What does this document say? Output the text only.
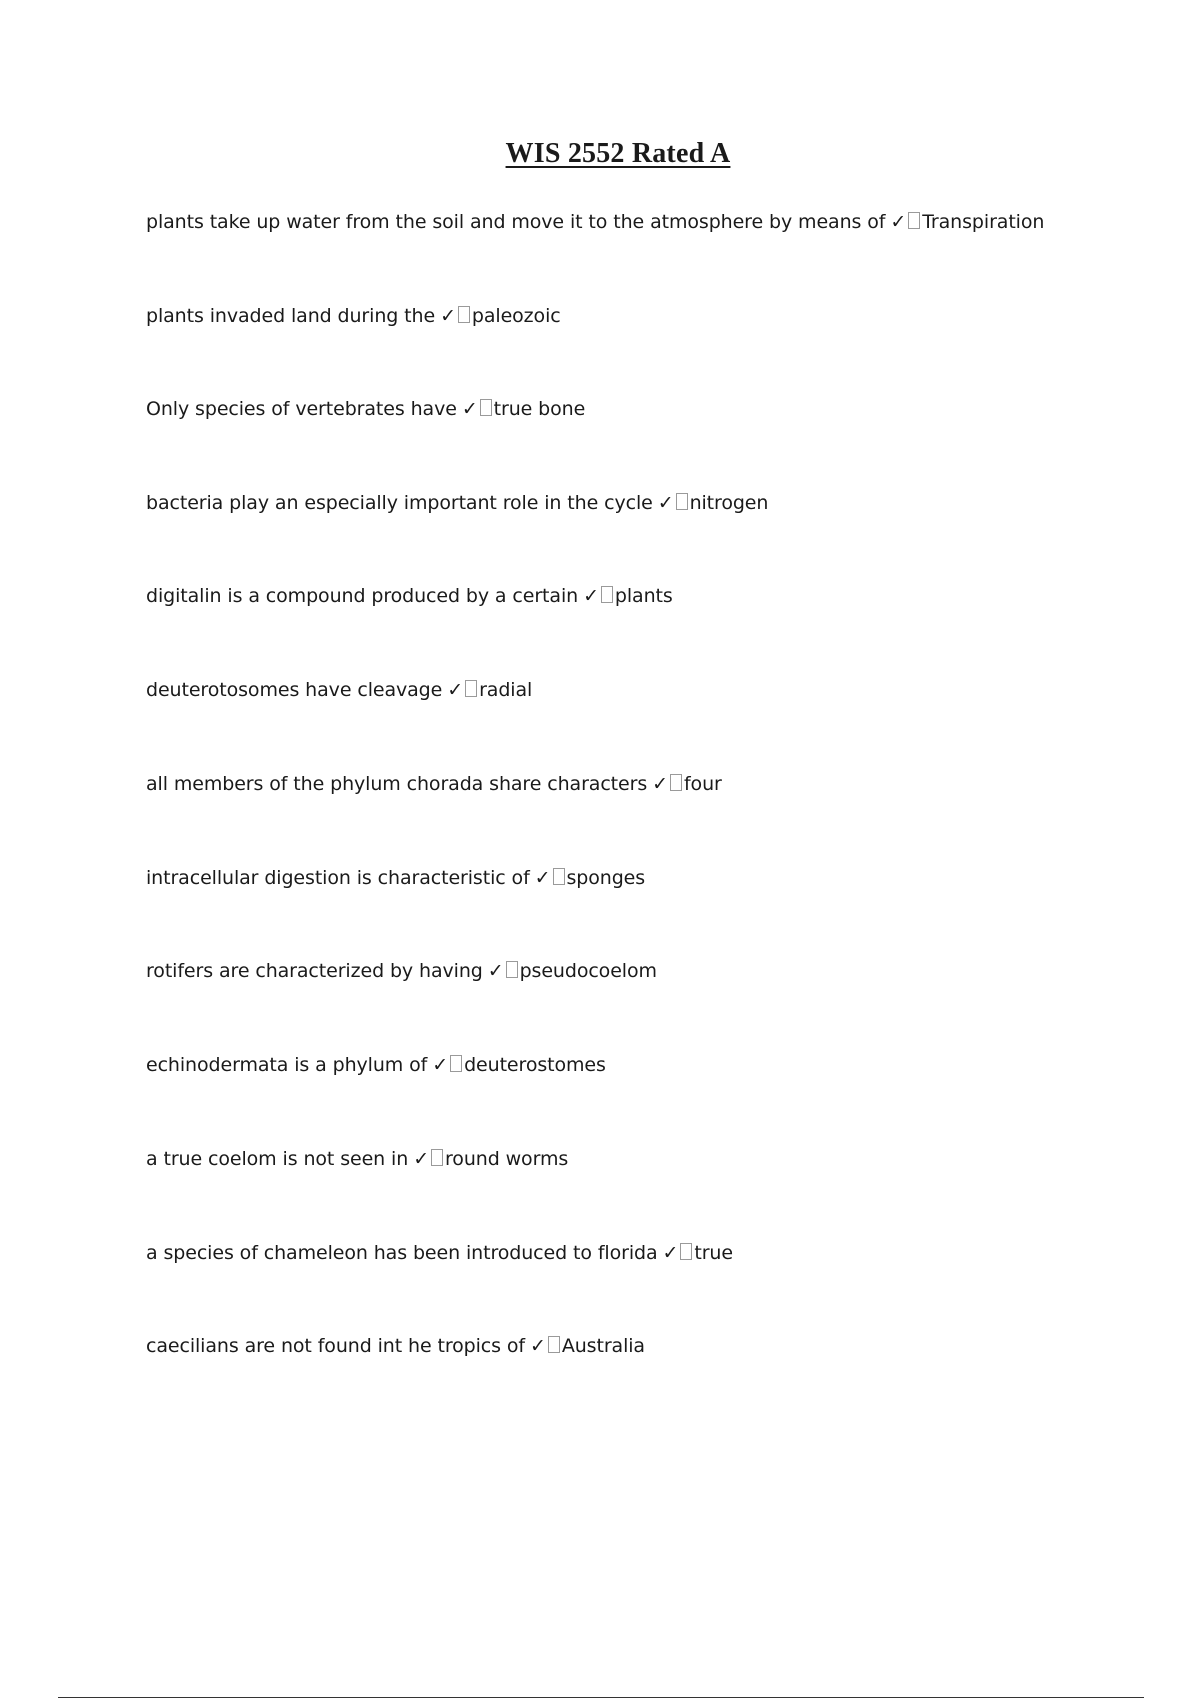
WIS 2552 Rated A
plants take up water from the soil and move it to the atmosphere by means of ✓ Transpiration
plants invaded land during the ✓ paleozoic
Only species of vertebrates have ✓ true bone
bacteria play an especially important role in the cycle ✓ nitrogen
digitalin is a compound produced by a certain ✓ plants
deuterotosomes have cleavage ✓ radial
all members of the phylum chorada share characters ✓ four
intracellular digestion is characteristic of ✓ sponges
rotifers are characterized by having ✓ pseudocoelom
echinodermata is a phylum of ✓ deuterostomes
a true coelom is not seen in ✓ round worms
a species of chameleon has been introduced to florida ✓ true
caecilians are not found int he tropics of ✓ Australia
